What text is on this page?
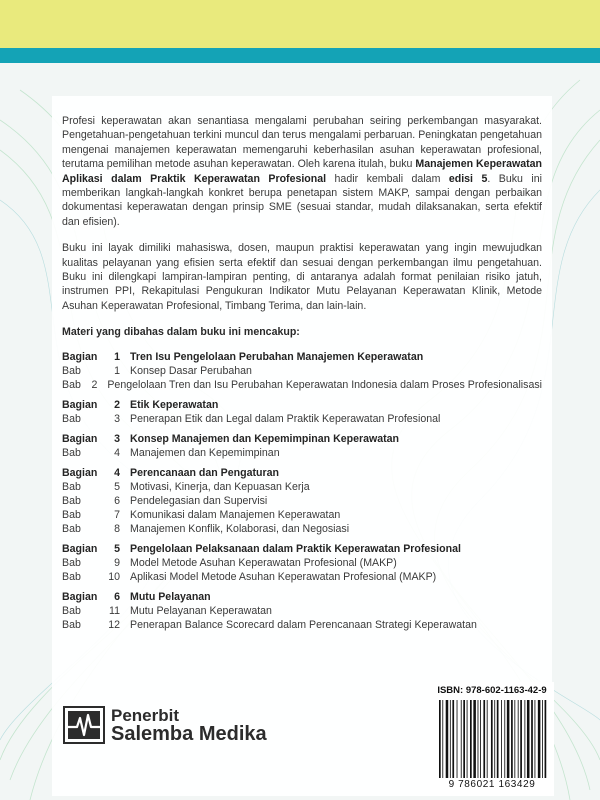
Profesi keperawatan akan senantiasa mengalami perubahan seiring perkembangan masyarakat. Pengetahuan-pengetahuan terkini muncul dan terus mengalami perbaruan. Peningkatan pengetahuan mengenai manajemen keperawatan memengaruhi keberhasilan asuhan keperawatan profesional, terutama pemilihan metode asuhan keperawatan. Oleh karena itulah, buku Manajemen Keperawatan Aplikasi dalam Praktik Keperawatan Profesional hadir kembali dalam edisi 5. Buku ini memberikan langkah-langkah konkret berupa penetapan sistem MAKP, sampai dengan perbaikan dokumentasi keperawatan dengan prinsip SME (sesuai standar, mudah dilaksanakan, serta efektif dan efisien).

Buku ini layak dimiliki mahasiswa, dosen, maupun praktisi keperawatan yang ingin mewujudkan kualitas pelayanan yang efisien serta efektif dan sesuai dengan perkembangan ilmu pengetahuan. Buku ini dilengkapi lampiran-lampiran penting, di antaranya adalah format penilaian risiko jatuh, instrumen PPI, Rekapitulasi Pengukuran Indikator Mutu Pelayanan Keperawatan Klinik, Metode Asuhan Keperawatan Profesional, Timbang Terima, dan lain-lain.

Materi yang dibahas dalam buku ini mencakup:
Bagian	1 Tren Isu Pengelolaan Perubahan Manajemen Keperawatan
Bab	1 Konsep Dasar Perubahan
Bab 2 Pengelolaan Tren dan Isu Perubahan Keperawatan Indonesia dalam Proses Profesionalisasi
Bagian	2 Etik Keperawatan
Bab	3 Penerapan Etik dan Legal dalam Praktik Keperawatan Profesional
Bagian	3 Konsep Manajemen dan Kepemimpinan Keperawatan
Bab	4 Manajemen dan Kepemimpinan
Bagian	4 Perencanaan dan Pengaturan
Bab	5 Motivasi, Kinerja, dan Kepuasan Kerja
Bab	6 Pendelegasian dan Supervisi
Bab	7 Komunikasi dalam Manajemen Keperawatan
Bab	8 Manajemen Konflik, Kolaborasi, dan Negosiasi
Bagian	5 Pengelolaan Pelaksanaan dalam Praktik Keperawatan Profesional
Bab	9 Model Metode Asuhan Keperawatan Profesional (MAKP)
Bab	10 Aplikasi Model Metode Asuhan Keperawatan Profesional (MAKP)
Bagian	6 Mutu Pelayanan
Bab	11 Mutu Pelayanan Keperawatan
Bab	12 Penerapan Balance Scorecard dalam Perencanaan Strategi Keperawatan
Penerbit
Salemba Medika
ISBN: 978-602-1163-42-9
9 786021 163429
